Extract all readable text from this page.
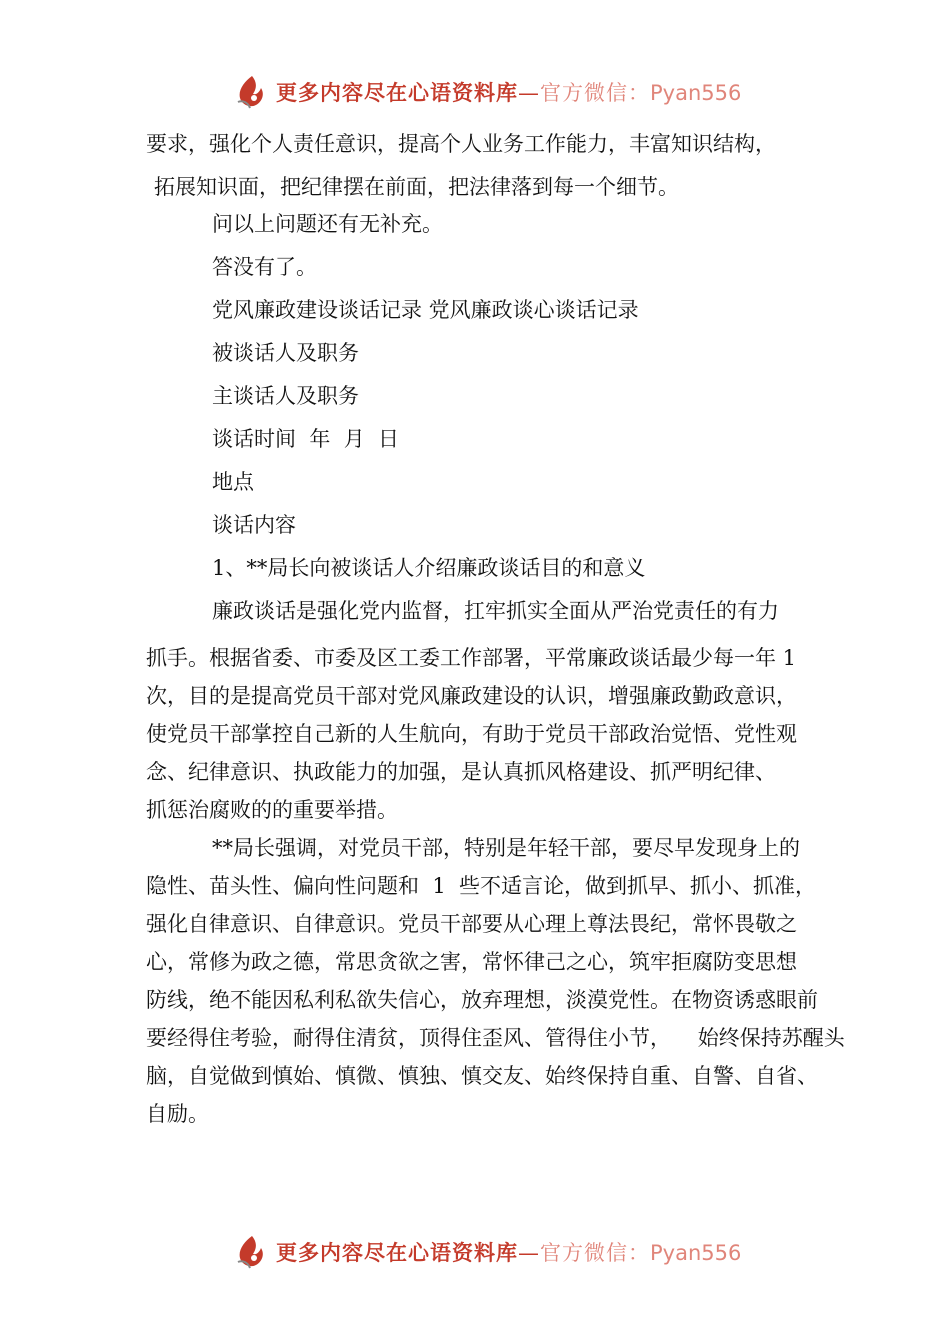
更多内容尽在心语资料库—官方微信：Pyan556
要求，强化个人责任意识，提高个人业务工作能力，丰富知识结构，
拓展知识面，把纪律摆在前面，把法律落到每一个细节。
问以上问题还有无补充。
答没有了。
党风廉政建设谈话记录 党风廉政谈心谈话记录
被谈话人及职务
主谈话人及职务
谈话时间  年  月  日
地点
谈话内容
1、**局长向被谈话人介绍廉政谈话目的和意义
廉政谈话是强化党内监督，扛牢抓实全面从严治党责任的有力
抓手。根据省委、市委及区工委工作部署，平常廉政谈话最少每一年 1
次，目的是提高党员干部对党风廉政建设的认识，增强廉政勤政意识，
使党员干部掌控自己新的人生航向，有助于党员干部政治觉悟、党性观
念、纪律意识、执政能力的加强，是认真抓风格建设、抓严明纪律、
抓惩治腐败的的重要举措。
**局长强调，对党员干部，特别是年轻干部，要尽早发现身上的
隐性、苗头性、偏向性问题和  1  些不适言论，做到抓早、抓小、抓准，
强化自律意识、自律意识。党员干部要从心理上尊法畏纪，常怀畏敬之
心，常修为政之德，常思贪欲之害，常怀律己之心，筑牢拒腐防变思想
防线，绝不能因私利私欲失信心，放弃理想，淡漠党性。在物资诱惑眼前
要经得住考验，耐得住清贫，顶得住歪风、管得住小节，    始终保持苏醒头
脑，自觉做到慎始、慎微、慎独、慎交友、始终保持自重、自警、自省、
自励。
更多内容尽在心语资料库—官方微信：Pyan556
